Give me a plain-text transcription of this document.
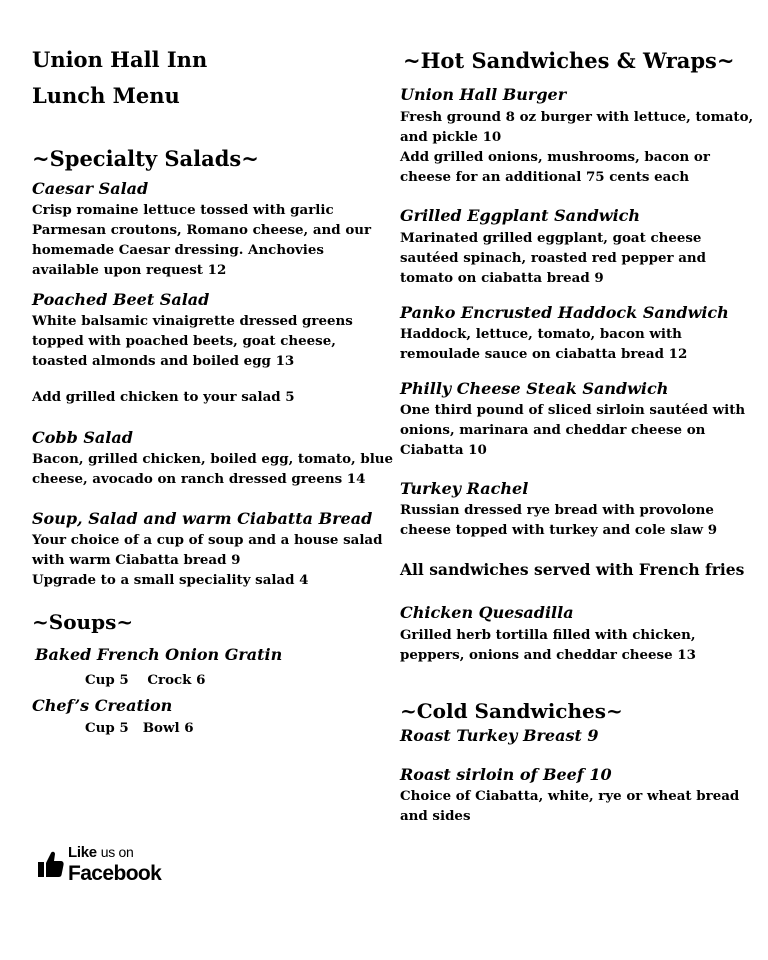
Union Hall Inn
Lunch Menu
~Specialty Salads~
Caesar Salad
Crisp romaine lettuce tossed with garlic
Parmesan croutons, Romano cheese, and our
homemade Caesar dressing. Anchovies
available upon request 12
Poached Beet Salad
White balsamic vinaigrette dressed greens
topped with poached beets, goat cheese,
toasted almonds and boiled egg 13
Add grilled chicken to your salad 5
Cobb Salad
Bacon, grilled chicken, boiled egg, tomato, blue
cheese, avocado on ranch dressed greens 14
Soup, Salad and warm Ciabatta Bread
Your choice of a cup of soup and a house salad
with warm Ciabatta bread 9
Upgrade to a small speciality salad 4
~Soups~
Baked French Onion Gratin
Cup 5    Crock 6
Chef’s Creation
Cup 5   Bowl 6
~Hot Sandwiches & Wraps~
Union Hall Burger
Fresh ground 8 oz burger with lettuce, tomato,
and pickle 10
Add grilled onions, mushrooms, bacon or
cheese for an additional 75 cents each
Grilled Eggplant Sandwich
Marinated grilled eggplant, goat cheese
sautéed spinach, roasted red pepper and
tomato on ciabatta bread 9
Panko Encrusted Haddock Sandwich
Haddock, lettuce, tomato, bacon with
remoulade sauce on ciabatta bread 12
Philly Cheese Steak Sandwich
One third pound of sliced sirloin sautéed with
onions, marinara and cheddar cheese on
Ciabatta 10
Turkey Rachel
Russian dressed rye bread with provolone
cheese topped with turkey and cole slaw 9
All sandwiches served with French fries
Chicken Quesadilla
Grilled herb tortilla filled with chicken,
peppers, onions and cheddar cheese 13
~Cold Sandwiches~
Roast Turkey Breast 9
Roast sirloin of Beef 10
Choice of Ciabatta, white, rye or wheat bread
and sides
Like us on
Facebook
